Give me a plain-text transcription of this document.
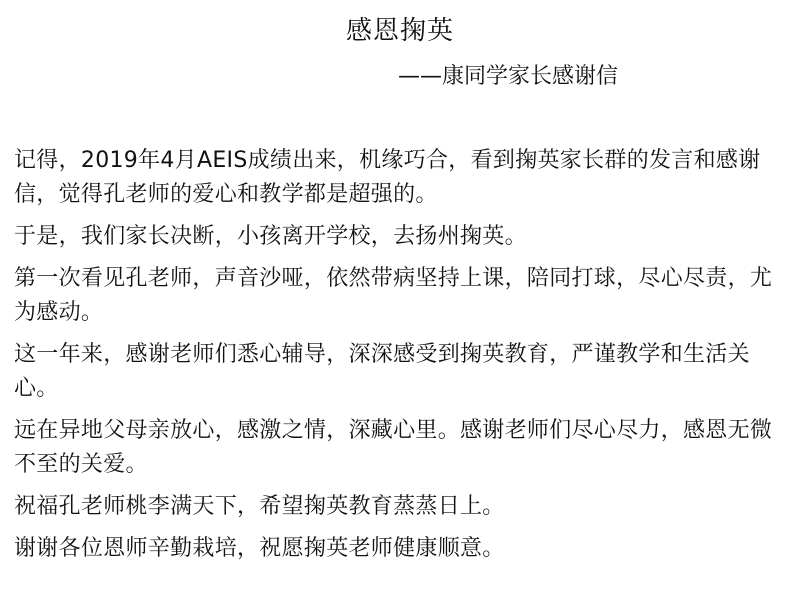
感恩掬英
——康同学家长感谢信

记得，2019年4月AEIS成绩出来，机缘巧合，看到掬英家长群的发言和感谢信，觉得孔老师的爱心和教学都是超强的。

于是，我们家长决断，小孩离开学校，去扬州掬英。

第一次看见孔老师，声音沙哑，依然带病坚持上课，陪同打球，尽心尽责，尤为感动。

这一年来，感谢老师们悉心辅导，深深感受到掬英教育，严谨教学和生活关心。

远在异地父母亲放心，感激之情，深藏心里。感谢老师们尽心尽力，感恩无微不至的关爱。

祝福孔老师桃李满天下，希望掬英教育蒸蒸日上。

谢谢各位恩师辛勤栽培，祝愿掬英老师健康顺意。
